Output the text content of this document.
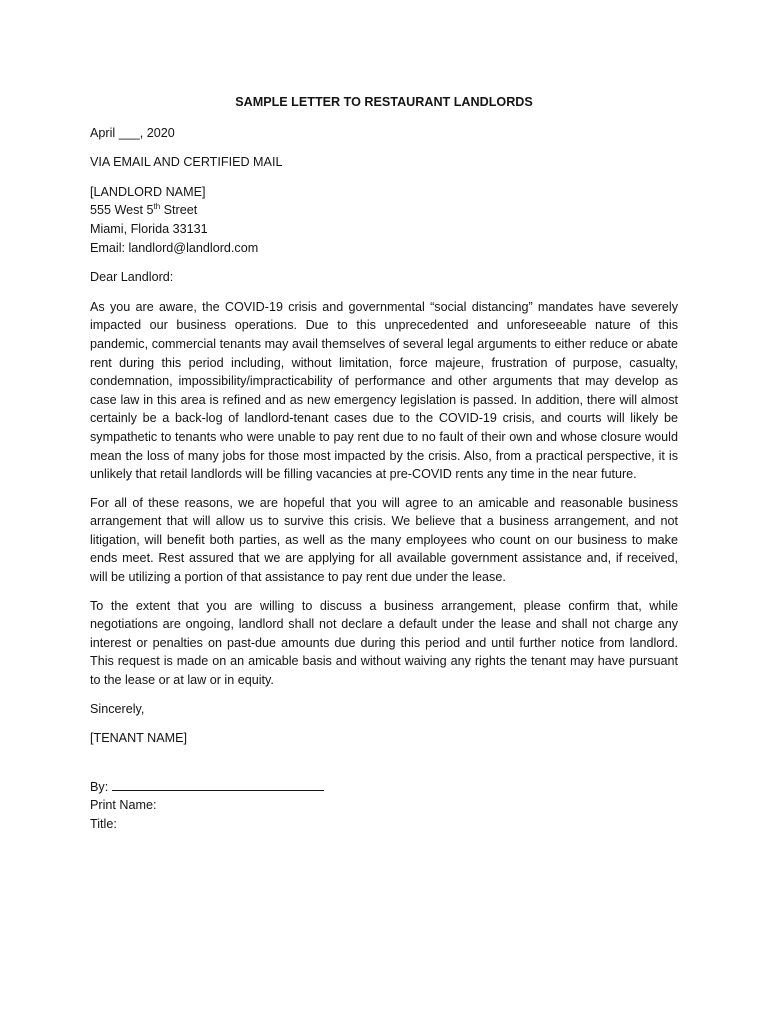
SAMPLE LETTER TO RESTAURANT LANDLORDS

April ___, 2020

VIA EMAIL AND CERTIFIED MAIL

[LANDLORD NAME]

555 West 5th Street

Miami, Florida 33131

Email: landlord@landlord.com

Dear Landlord:

As you are aware, the COVID-19 crisis and governmental “social distancing” mandates have severely impacted our business operations. Due to this unprecedented and unforeseeable nature of this pandemic, commercial tenants may avail themselves of several legal arguments to either reduce or abate rent during this period including, without limitation, force majeure, frustration of purpose, casualty, condemnation, impossibility/impracticability of performance and other arguments that may develop as case law in this area is refined and as new emergency legislation is passed. In addition, there will almost certainly be a back-log of landlord-tenant cases due to the COVID-19 crisis, and courts will likely be sympathetic to tenants who were unable to pay rent due to no fault of their own and whose closure would mean the loss of many jobs for those most impacted by the crisis. Also, from a practical perspective, it is unlikely that retail landlords will be filling vacancies at pre-COVID rents any time in the near future.

For all of these reasons, we are hopeful that you will agree to an amicable and reasonable business arrangement that will allow us to survive this crisis. We believe that a business arrangement, and not litigation, will benefit both parties, as well as the many employees who count on our business to make ends meet. Rest assured that we are applying for all available government assistance and, if received, will be utilizing a portion of that assistance to pay rent due under the lease.

To the extent that you are willing to discuss a business arrangement, please confirm that, while negotiations are ongoing, landlord shall not declare a default under the lease and shall not charge any interest or penalties on past-due amounts due during this period and until further notice from landlord. This request is made on an amicable basis and without waiving any rights the tenant may have pursuant to the lease or at law or in equity.

Sincerely,

[TENANT NAME]

By:

Print Name:

Title:
